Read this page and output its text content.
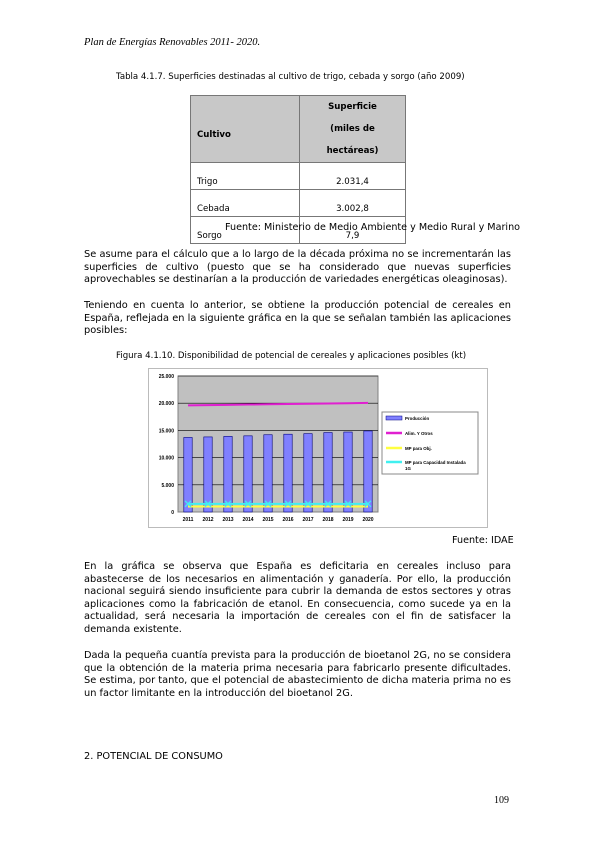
Plan de Energías Renovables 2011- 2020.
Tabla 4.1.7. Superficies destinadas al cultivo de trigo, cebada y sorgo (año 2009)
Cultivo	Superficie
(miles de hectáreas)

Trigo	2.031,4
Cebada	3.002,8
Sorgo	7,9
Fuente: Ministerio de Medio Ambiente y Medio Rural y Marino
Se asume para el cálculo que a lo largo de la década próxima no se incrementarán las superficies de cultivo (puesto que se ha considerado que nuevas superficies aprovechables se destinarían a la producción de variedades energéticas oleaginosas).
Teniendo en cuenta lo anterior, se obtiene la producción potencial de cereales en España, reflejada en la siguiente gráfica en la que se señalan también las aplicaciones posibles:
Figura 4.1.10. Disponibilidad de potencial de cereales y aplicaciones posibles (kt)
0
5.000
10.000
15.000
20.000
25.000
2011 2012 2013 2014 2015 2016 2017 2018 2019 2020
Producción
Alim. Y Otros
MP para Obj.
MP para Capacidad Instalada
1G
Fuente: IDAE
En la gráfica se observa que España es deficitaria en cereales incluso para abastecerse de los necesarios en alimentación y ganadería. Por ello, la producción nacional seguirá siendo insuficiente para cubrir la demanda de estos sectores y otras aplicaciones como la fabricación de etanol. En consecuencia, como sucede ya en la actualidad, será necesaria la importación de cereales con el fin de satisfacer la demanda existente.
Dada la pequeña cuantía prevista para la producción de bioetanol 2G, no se considera que la obtención de la materia prima necesaria para fabricarlo presente dificultades. Se estima, por tanto, que el potencial de abastecimiento de dicha materia prima no es un factor limitante en la introducción del bioetanol 2G.
2. POTENCIAL DE CONSUMO
109
